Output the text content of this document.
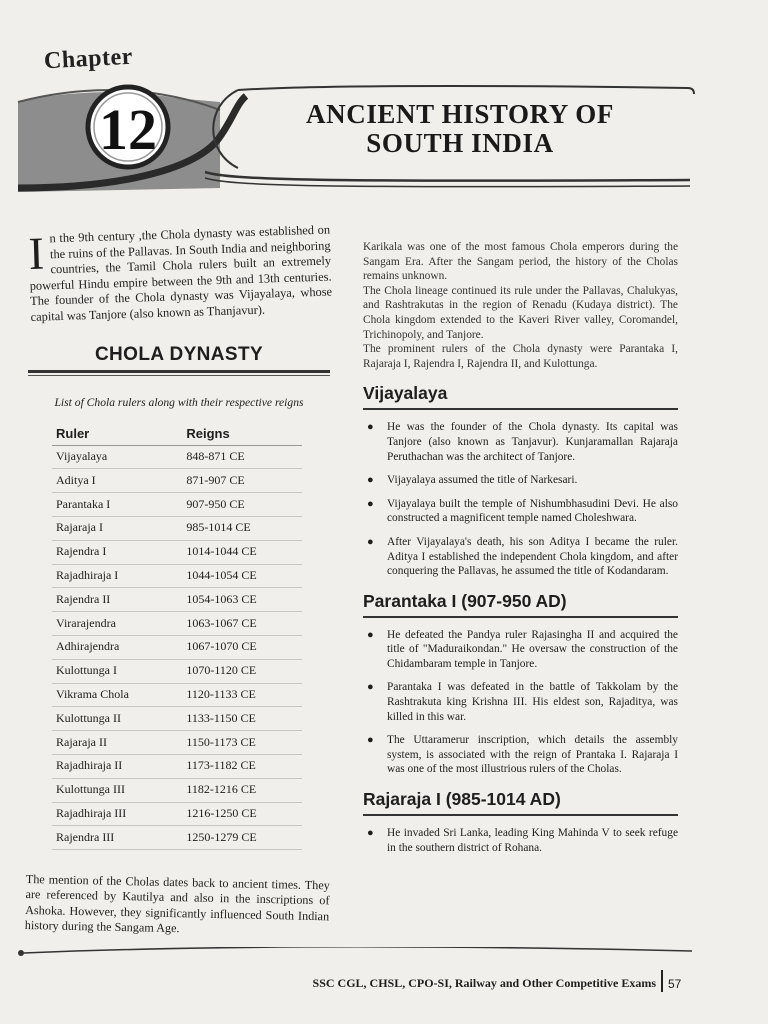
Chapter
12	ANCIENT HISTORY OF
SOUTH INDIA

In the 9th century ,the Chola dynasty was established on the ruins of the Pallavas. In South India and neighboring countries, the Tamil Chola rulers built an extremely powerful Hindu empire between the 9th and 13th centuries. The founder of the Chola dynasty was Vijayalaya, whose capital was Tanjore (also known as Thanjavur).

CHOLA DYNASTY
List of Chola rulers along with their respective reigns
Ruler	Reigns
Vijayalaya	848-871 CE
Aditya I	871-907 CE
Parantaka I	907-950 CE
Rajaraja I	985-1014 CE
Rajendra I	1014-1044 CE
Rajadhiraja I	1044-1054 CE
Rajendra II	1054-1063 CE
Virarajendra	1063-1067 CE
Adhirajendra	1067-1070 CE
Kulottunga I	1070-1120 CE
Vikrama Chola	1120-1133 CE
Kulottunga II	1133-1150 CE
Rajaraja II	1150-1173 CE
Rajadhiraja II	1173-1182 CE
Kulottunga III	1182-1216 CE
Rajadhiraja III	1216-1250 CE
Rajendra III	1250-1279 CE
The mention of the Cholas dates back to ancient times. They are referenced by Kautilya and also in the inscriptions of Ashoka. However, they significantly influenced South Indian history during the Sangam Age.

Karikala was one of the most famous Chola emperors during the Sangam Era. After the Sangam period, the history of the Cholas remains unknown.

The Chola lineage continued its rule under the Pallavas, Chalukyas, and Rashtrakutas in the region of Renadu (Kudaya district). The Chola kingdom extended to the Kaveri River valley, Coromandel, Trichinopoly, and Tanjore.

The prominent rulers of the Chola dynasty were Parantaka I, Rajaraja I, Rajendra I, Rajendra II, and Kulottunga.

Vijayalaya
● He was the founder of the Chola dynasty. Its capital was Tanjore (also known as Tanjavur). Kunjaramallan Rajaraja Peruthachan was the architect of Tanjore.
● Vijayalaya assumed the title of Narkesari.
● Vijayalaya built the temple of Nishumbhasudini Devi. He also constructed a magnificent temple named Choleshwara.
● After Vijayalaya's death, his son Aditya I became the ruler. Aditya I established the independent Chola kingdom, and after conquering the Pallavas, he assumed the title of Kodandaram.
Parantaka I (907-950 AD)
● He defeated the Pandya ruler Rajasingha II and acquired the title of "Maduraikondan." He oversaw the construction of the Chidambaram temple in Tanjore.
● Parantaka I was defeated in the battle of Takkolam by the Rashtrakuta king Krishna III. His eldest son, Rajaditya, was killed in this war.
● The Uttaramerur inscription, which details the assembly system, is associated with the reign of Prantaka I. Rajaraja I was one of the most illustrious rulers of the Cholas.
Rajaraja I (985-1014 AD)
● He invaded Sri Lanka, leading King Mahinda V to seek refuge in the southern district of Rohana.
SSC CGL, CHSL, CPO-SI, Railway and Other Competitive Exams 57
